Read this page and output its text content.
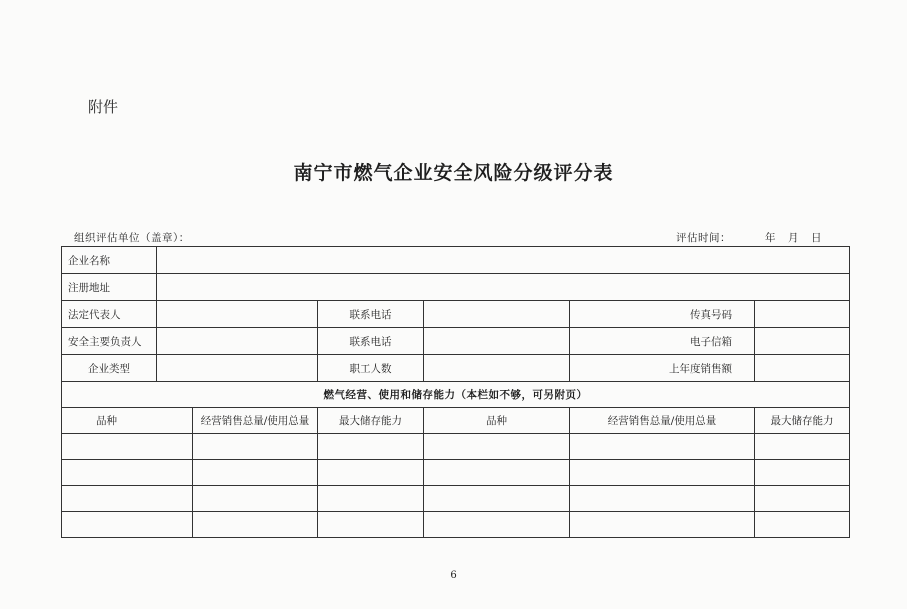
附件
南宁市燃气企业安全风险分级评分表
组织评估单位（盖章）：	评估时间：	年 月 日
企业名称						
注册地址						
法定代表人			联系电话		传真号码	
安全主要负责人			联系电话		电子信箱	
企业类型			职工人数		上年度销售额	
燃气经营、使用和储存能力（本栏如不够，可另附页）						
品种		经营销售总量/使用总量	最大储存能力	品种	经营销售总量/使用总量	最大储存能力

6
